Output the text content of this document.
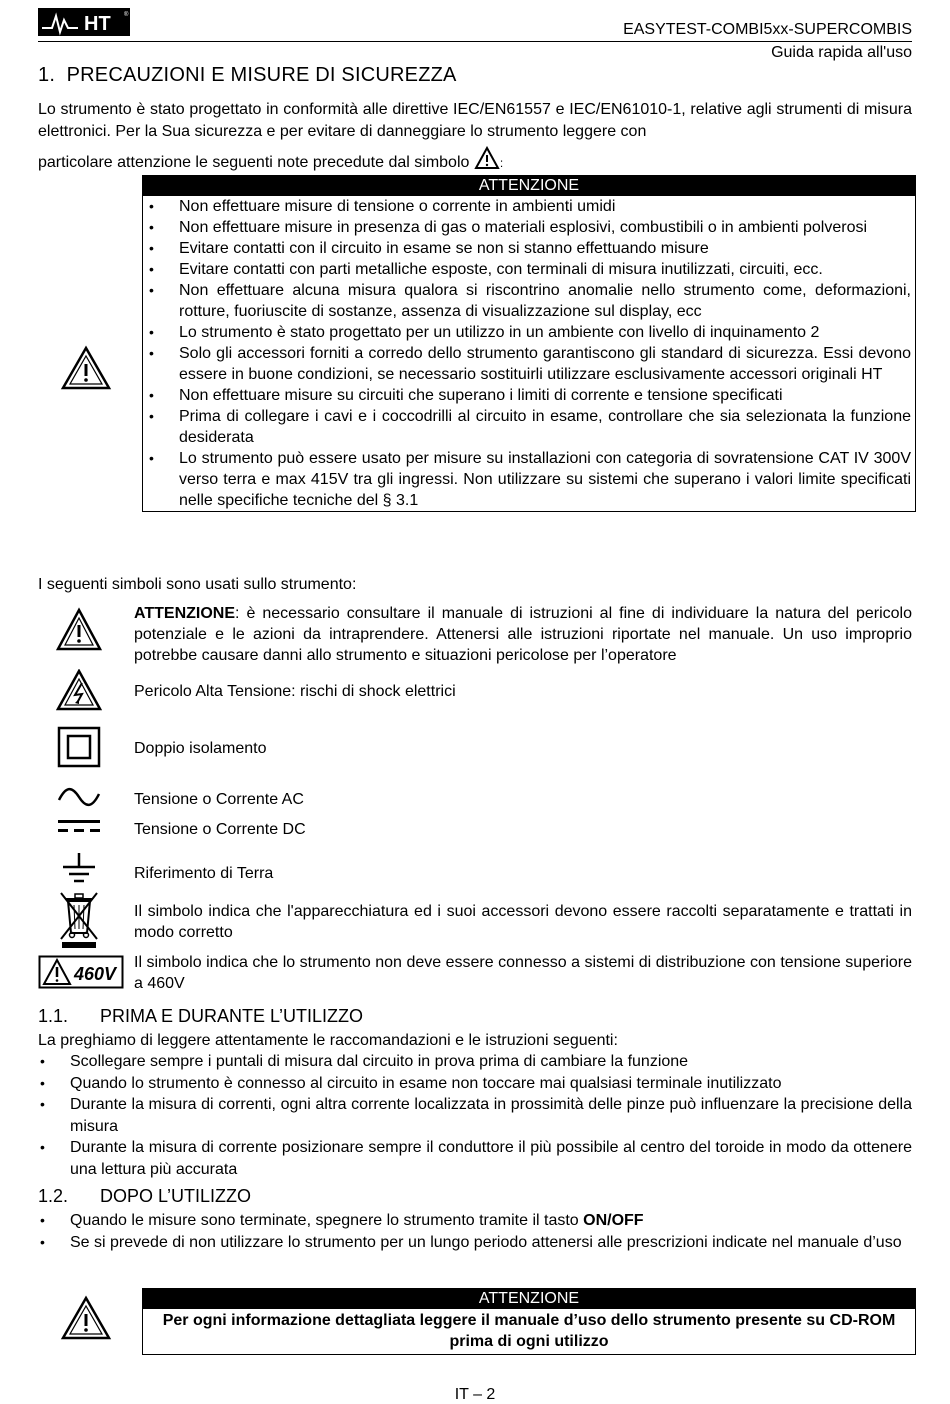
HT ®
EASYTEST-COMBI5xx-SUPERCOMBIS
Guida rapida all'uso
1.  PRECAUZIONI E MISURE DI SICUREZZA
Lo strumento è stato progettato in conformità alle direttive IEC/EN61557 e IEC/EN61010-1, relative agli strumenti di misura elettronici. Per la Sua sicurezza e per evitare di danneggiare lo strumento leggere con
particolare attenzione le seguenti note precedute dal simbolo	:
ATTENZIONE
• Non effettuare misure di tensione o corrente in ambienti umidi
• Non effettuare misure in presenza di gas o materiali esplosivi, combustibili o in ambienti polverosi
• Evitare contatti con il circuito in esame se non si stanno effettuando misure
• Evitare contatti con parti metalliche esposte, con terminali di misura inutilizzati, circuiti, ecc.
• Non effettuare alcuna misura qualora si riscontrino anomalie nello strumento come, deformazioni, rotture, fuoriuscite di sostanze, assenza di visualizzazione sul display, ecc
• Lo strumento è stato progettato per un utilizzo in un ambiente con livello di inquinamento 2
• Solo gli accessori forniti a corredo dello strumento garantiscono gli standard di sicurezza. Essi devono essere in buone condizioni, se necessario sostituirli utilizzare esclusivamente accessori originali HT
• Non effettuare misure su circuiti che superano i limiti di corrente e tensione specificati
• Prima di collegare i cavi e i coccodrilli al circuito in esame, controllare che sia selezionata la funzione desiderata
• Lo strumento può essere usato per misure su installazioni con categoria di sovratensione CAT IV 300V verso terra e max 415V tra gli ingressi. Non utilizzare su sistemi che superano i valori limite specificati nelle specifiche tecniche del § 3.1
I seguenti simboli sono usati sullo strumento:
ATTENZIONE: è necessario consultare il manuale di istruzioni al fine di individuare la natura del pericolo potenziale e le azioni da intraprendere. Attenersi alle istruzioni riportate nel manuale. Un uso improprio potrebbe causare danni allo strumento e situazioni pericolose per l’operatore
Pericolo Alta Tensione: rischi di shock elettrici
Doppio isolamento
Tensione o Corrente AC
Tensione o Corrente DC
Riferimento di Terra
Il simbolo indica che l'apparecchiatura ed i suoi accessori devono essere raccolti separatamente e trattati in modo corretto
460V
Il simbolo indica che lo strumento non deve essere connesso a sistemi di distribuzione con tensione superiore a 460V
1.1. PRIMA E DURANTE L’UTILIZZO
La preghiamo di leggere attentamente le raccomandazioni e le istruzioni seguenti:
• Scollegare sempre i puntali di misura dal circuito in prova prima di cambiare la funzione
• Quando lo strumento è connesso al circuito in esame non toccare mai qualsiasi terminale inutilizzato
• Durante la misura di correnti, ogni altra corrente localizzata in prossimità delle pinze può influenzare la precisione della misura
• Durante la misura di corrente posizionare sempre il conduttore il più possibile al centro del toroide in modo da ottenere una lettura più accurata
1.2. DOPO L’UTILIZZO
• Quando le misure sono terminate, spegnere lo strumento tramite il tasto ON/OFF
• Se si prevede di non utilizzare lo strumento per un lungo periodo attenersi alle prescrizioni indicate nel manuale d’uso
ATTENZIONE
Per ogni informazione dettagliata leggere il manuale d’uso dello strumento presente su CD-ROM prima di ogni utilizzo
IT – 2
